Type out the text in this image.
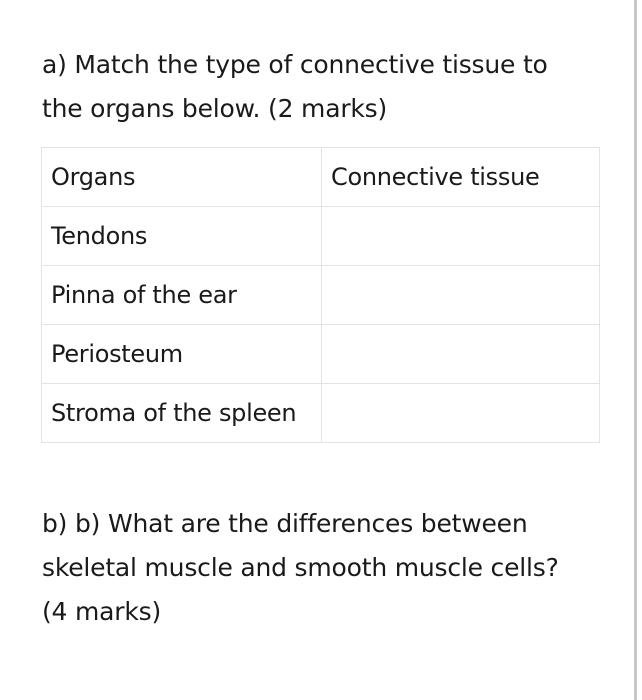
a) Match the type of connective tissue to
the organs below. (2 marks)

Organs	Connective tissue
Tendons	
Pinna of the ear	
Periosteum	
Stroma of the spleen	

b) b) What are the differences between
skeletal muscle and smooth muscle cells?
(4 marks)
